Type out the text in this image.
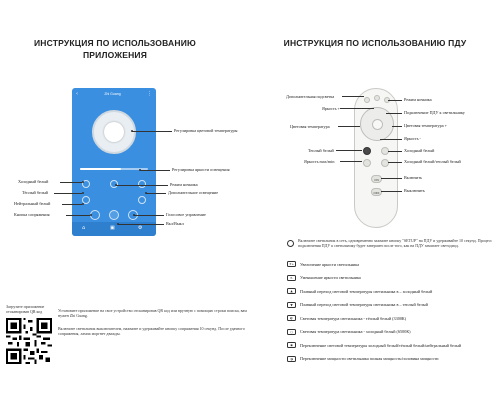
ИНСТРУКЦИЯ ПО ИСПОЛЬЗОВАНИЮ
ПРИЛОЖЕНИЯ
ИНСТРУКЦИЯ ПО ИСПОЛЬЗОВАНИЮ ПДУ
‹	Zhi Guang	⋮
⌂	▣	⚙
Регулировка цветовой температуры
Регулировка яркости освещения
Холодный белый
Режим ночника
Тёплый белый	Дополнительное освещение
Нейтральный белый
Кнопка сопряжения	Голосовое управление
Вкл/Выкл
Загрузите приложение
отсканировав QR код	Установите приложение на свое устройство отсканировав QR код или вручную с помощью строки поиска, вам нужен Zhi Guang.
Включите светильник выключателем, нажмите и удерживайте кнопку сопряжения 10 секунд. После удачного сопряжения, лампа моргнет дважды.
ON
OFF
Дополнительная подсветка
Режим ночника
Яркость +
Подключение ПДУ к светильнику
Цветовая температура	Цветовая температура +
Яркость -
Теплый белый	Холодный белый
Яркость max/min	Холодный белый/теплый белый
Включить
Выключить
Включите светильник в сеть, одновременно зажмите кнопку "SETUP" на ПДУ и удерживайте 10 секунд. Процесс подключения ПДУ к светильнику будет завершен после того, как на ПДУ замигает светодиод.
☀+	Увеличение яркости светильника
☀-	Уменьшение яркости светильника
▲	Плавный переход световой температуры светильника в – холодный белый
▼	Плавный переход световой температуры светильника в – теплый белый
◐	Световая температура светильника - тёплый белый (3300К)
○	Световая температура светильника - холодный белый (6500К)
◉	Переключение световой температуры холодный белый/тёплый белый/нейтральный белый
◑	Переключение мощности светильника полная мощность/половина мощности
